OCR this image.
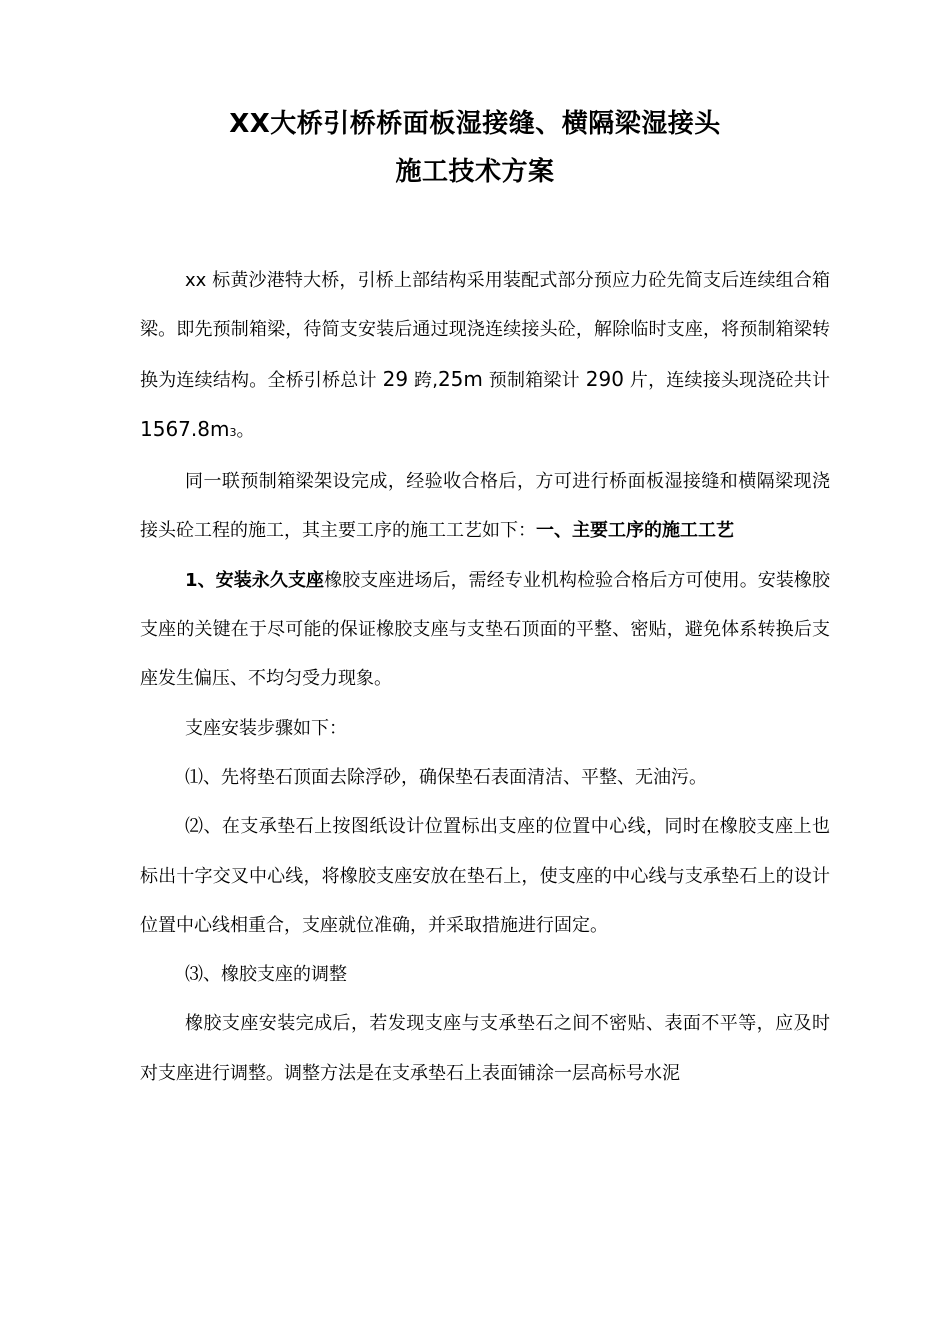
XX大桥引桥桥面板湿接缝、横隔梁湿接头
施工技术方案

xx 标黄沙港特大桥，引桥上部结构采用装配式部分预应力砼先简支后连续组合箱梁。即先预制箱梁，待简支安装后通过现浇连续接头砼，解除临时支座，将预制箱梁转换为连续结构。全桥引桥总计 29 跨,25m 预制箱梁计 290 片，连续接头现浇砼共计 1567.8m3。

同一联预制箱梁架设完成，经验收合格后，方可进行桥面板湿接缝和横隔梁现浇接头砼工程的施工，其主要工序的施工工艺如下：一、主要工序的施工工艺

1、安装永久支座橡胶支座进场后，需经专业机构检验合格后方可使用。安装橡胶支座的关键在于尽可能的保证橡胶支座与支垫石顶面的平整、密贴，避免体系转换后支座发生偏压、不均匀受力现象。

支座安装步骤如下：

⑴、先将垫石顶面去除浮砂，确保垫石表面清洁、平整、无油污。

⑵、在支承垫石上按图纸设计位置标出支座的位置中心线，同时在橡胶支座上也标出十字交叉中心线，将橡胶支座安放在垫石上，使支座的中心线与支承垫石上的设计位置中心线相重合，支座就位准确，并采取措施进行固定。

⑶、橡胶支座的调整

橡胶支座安装完成后，若发现支座与支承垫石之间不密贴、表面不平等，应及时对支座进行调整。调整方法是在支承垫石上表面铺涂一层高标号水泥
